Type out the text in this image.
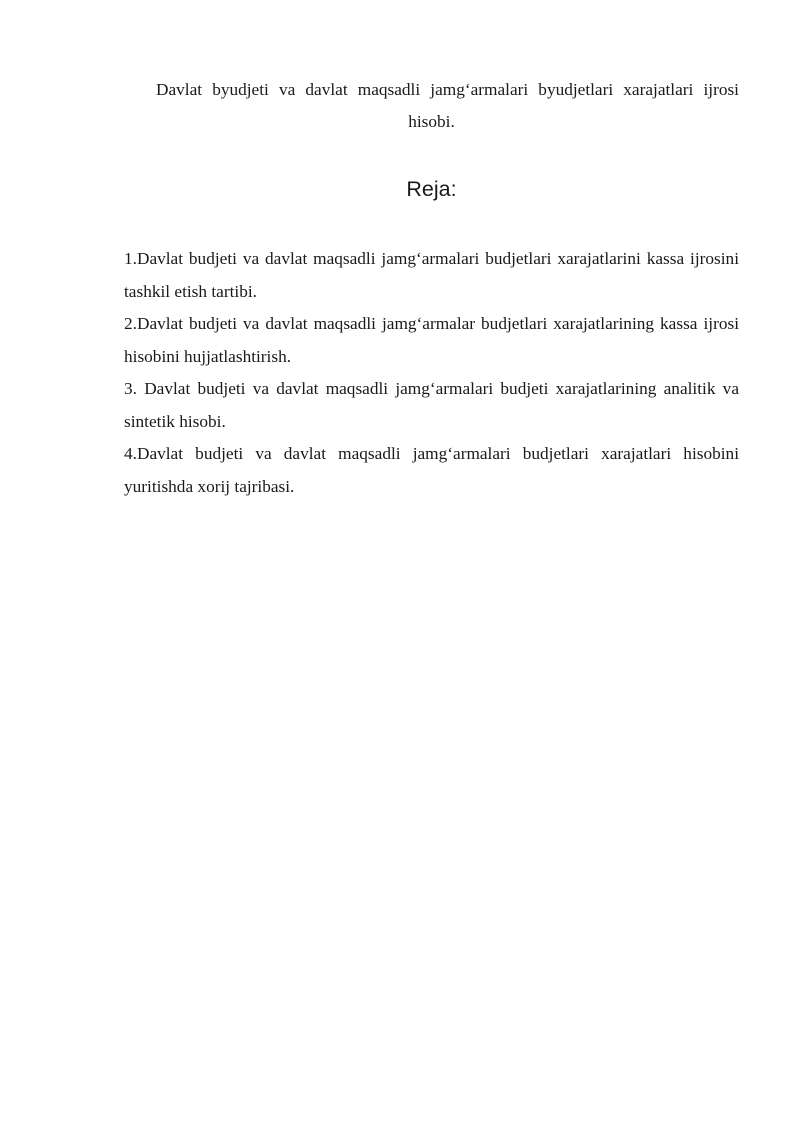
Davlat byudjeti va davlat maqsadli jamg‘armalari byudjetlari xarajatlari ijrosi hisobi.
Reja:
1.Davlat budjeti va davlat maqsadli jamg‘armalari budjetlari xarajatlarini kassa ijrosini tashkil etish tartibi.
2.Davlat budjeti va davlat maqsadli jamg‘armalar budjetlari xarajatlarining kassa ijrosi hisobini hujjatlashtirish.
3. Davlat budjeti va davlat maqsadli jamg‘armalari budjeti xarajatlarining analitik va sintetik hisobi.
4.Davlat budjeti va davlat maqsadli jamg‘armalari budjetlari xarajatlari hisobini yuritishda xorij tajribasi.
